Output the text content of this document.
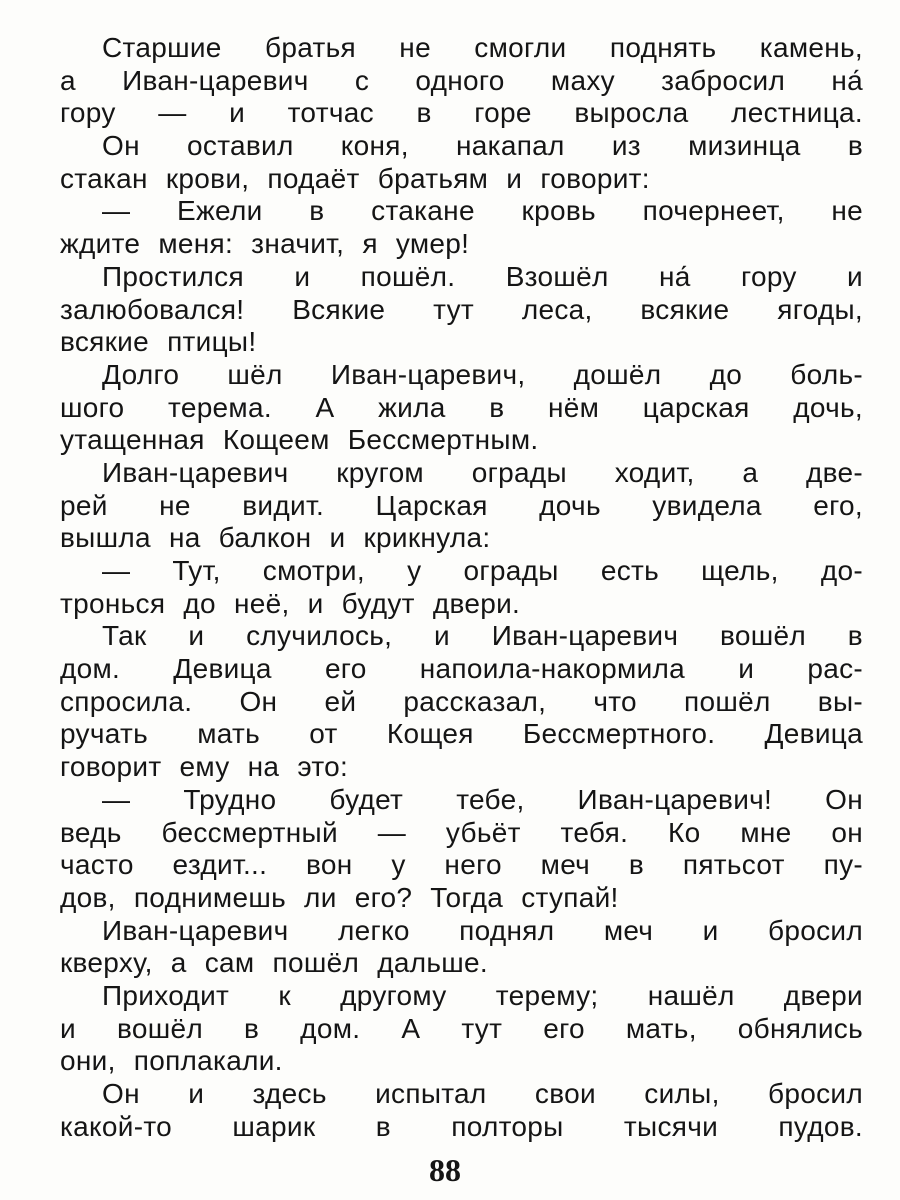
Старшие братья не смогли поднять камень,
а Иван-царевич с одного маху забросил на́
гору — и тотчас в горе выросла лестница.
Он оставил коня, накапал из мизинца в
стакан крови, подаёт братьям и говорит:
— Ежели в стакане кровь почернеет, не
ждите меня: значит, я умер!
Простился и пошёл. Взошёл на́ гору и
залюбовался! Всякие тут леса, всякие ягоды,
всякие птицы!
Долго шёл Иван-царевич, дошёл до боль-
шого терема. А жила в нём царская дочь,
утащенная Кощеем Бессмертным.
Иван-царевич кругом ограды ходит, а две-
рей не видит. Царская дочь увидела его,
вышла на балкон и крикнула:
— Тут, смотри, у ограды есть щель, до-
тронься до неё, и будут двери.
Так и случилось, и Иван-царевич вошёл в
дом. Девица его напоила-накормила и рас-
спросила. Он ей рассказал, что пошёл вы-
ручать мать от Кощея Бессмертного. Девица
говорит ему на это:
— Трудно будет тебе, Иван-царевич! Он
ведь бессмертный — убьёт тебя. Ко мне он
часто ездит... вон у него меч в пятьсот пу-
дов, поднимешь ли его? Тогда ступай!
Иван-царевич легко поднял меч и бросил
кверху, а сам пошёл дальше.
Приходит к другому терему; нашёл двери
и вошёл в дом. А тут его мать, обнялись
они, поплакали.
Он и здесь испытал свои силы, бросил
какой-то шарик в полторы тысячи пудов.
88
